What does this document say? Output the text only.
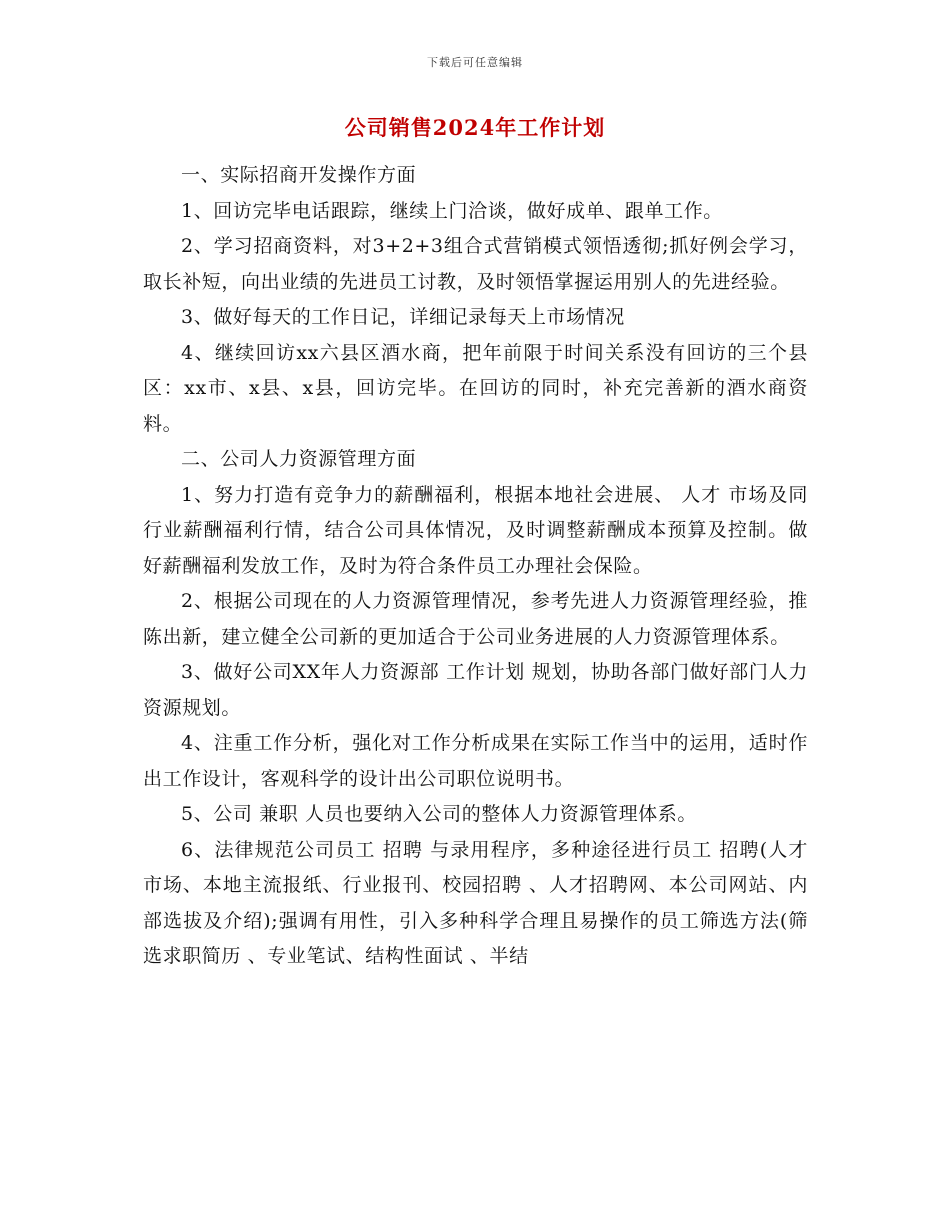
下载后可任意编辑
公司销售2024年工作计划

一、实际招商开发操作方面

1、回访完毕电话跟踪，继续上门洽谈，做好成单、跟单工作。

2、学习招商资料，对3+2+3组合式营销模式领悟透彻;抓好例会学习，取长补短，向出业绩的先进员工讨教，及时领悟掌握运用别人的先进经验。

3、做好每天的工作日记，详细记录每天上市场情况

4、继续回访xx六县区酒水商，把年前限于时间关系没有回访的三个县区：xx市、x县、x县，回访完毕。在回访的同时，补充完善新的酒水商资料。

二、公司人力资源管理方面

1、努力打造有竞争力的薪酬福利，根据本地社会进展、 人才 市场及同行业薪酬福利行情，结合公司具体情况，及时调整薪酬成本预算及控制。做好薪酬福利发放工作，及时为符合条件员工办理社会保险。

2、根据公司现在的人力资源管理情况，参考先进人力资源管理经验，推陈出新，建立健全公司新的更加适合于公司业务进展的人力资源管理体系。

3、做好公司XX年人力资源部 工作计划 规划，协助各部门做好部门人力资源规划。

4、注重工作分析，强化对工作分析成果在实际工作当中的运用，适时作出工作设计，客观科学的设计出公司职位说明书。

5、公司 兼职 人员也要纳入公司的整体人力资源管理体系。

6、法律规范公司员工 招聘 与录用程序，多种途径进行员工 招聘(人才市场、本地主流报纸、行业报刊、校园招聘 、人才招聘网、本公司网站、内部选拔及介绍);强调有用性，引入多种科学合理且易操作的员工筛选方法(筛选求职简历 、专业笔试、结构性面试 、半结
